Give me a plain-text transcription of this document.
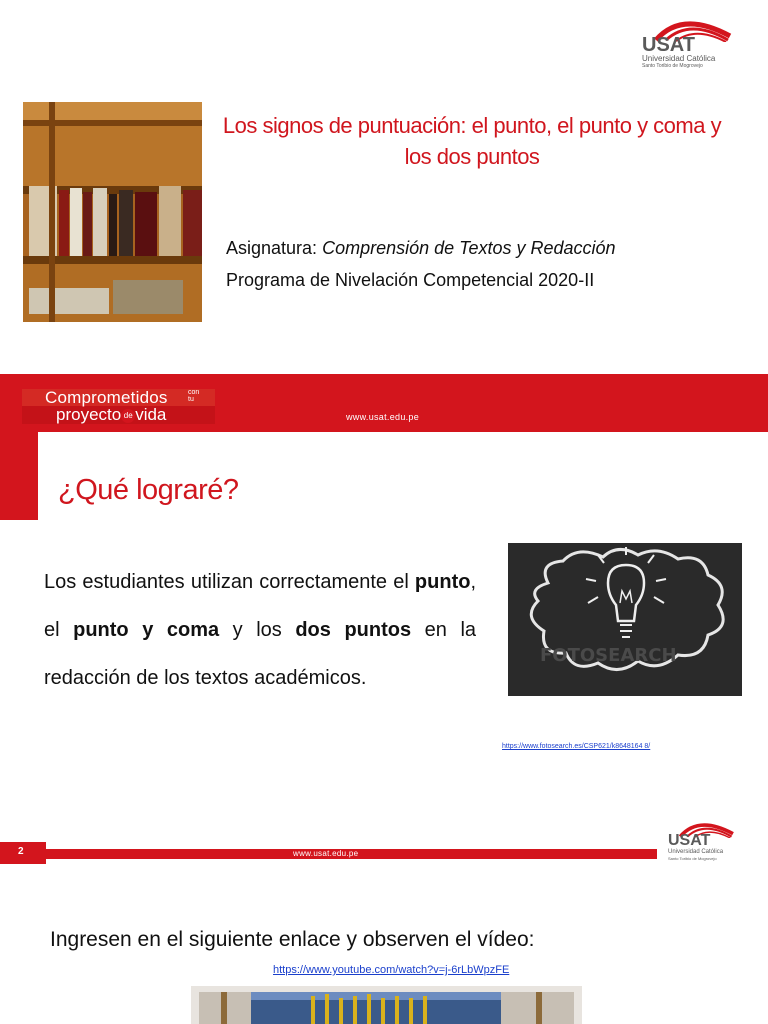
USAT
Universidad Católica
Santo Toribio de Mogrovejo
Los signos de puntuación: el punto, el punto y coma y los dos puntos
Asignatura: Comprensión de Textos y Redacción
Programa de Nivelación Competencial 2020-II
Comprometidos	con
tu
proyecto de vida	www.usat.edu.pe
¿Qué lograré?
Los estudiantes utilizan correctamente el punto, el punto y coma y los dos puntos en la redacción de los textos académicos.
FOTOSEARCH
https://www.fotosearch.es/CSP621/k8648164 8/
2	www.usat.edu.pe
USAT
Universidad Católica
Santo Toribio de Mogrovejo
Ingresen en el siguiente enlace y observen el vídeo:
https://www.youtube.com/watch?v=j-6rLbWpzFE
